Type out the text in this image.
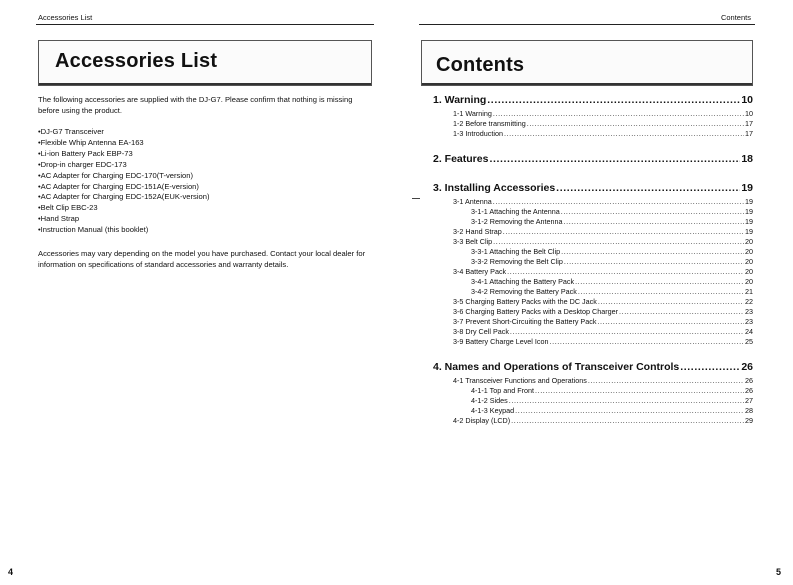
Accessories List
Accessories List

The following accessories are supplied with the DJ-G7. Please confirm that nothing is missing before using the product.

•DJ-G7 Transceiver
•Flexible Whip Antenna EA-163
•Li-ion Battery Pack EBP-73
•Drop-in charger EDC-173
•AC Adapter for Charging EDC-170(T-version)
•AC Adapter for Charging EDC-151A(E-version)
•AC Adapter for Charging EDC-152A(EUK-version)
•Belt Clip EBC-23
•Hand Strap
•Instruction Manual (this booklet)

Accessories may vary depending on the model you have purchased. Contact your local dealer for information on specifications of standard accessories and warranty details.

4
Contents
Contents
1. Warning .....	10
1-1 Warning .....	10
1-2 Before transmitting .....	17
1-3 Introduction .....	17
2. Features .....	18
3. Installing Accessories .....	19
3-1 Antenna .....	19
3-1-1 Attaching the Antenna .....	19
3-1-2 Removing the Antenna .....	19
3-2 Hand Strap .....	19
3-3 Belt Clip .....	20
3-3-1 Attaching the Belt Clip .....	20
3-3-2 Removing the Belt Clip .....	20
3-4 Battery Pack .....	20
3-4-1 Attaching the Battery Pack .....	20
3-4-2 Removing the Battery Pack .....	21
3-5 Charging Battery Packs with the DC Jack .....	22
3-6 Charging Battery Packs with a Desktop Charger .....	23
3-7 Prevent Short-Circuiting the Battery Pack .....	23
3-8 Dry Cell Pack .....	24
3-9 Battery Charge Level Icon .....	25
4. Names and Operations of Transceiver Controls .....	26
4-1 Transceiver Functions and Operations .....	26
4-1-1 Top and Front .....	26
4-1-2 Sides .....	27
4-1-3 Keypad .....	28
4-2 Display (LCD) .....	29
5
